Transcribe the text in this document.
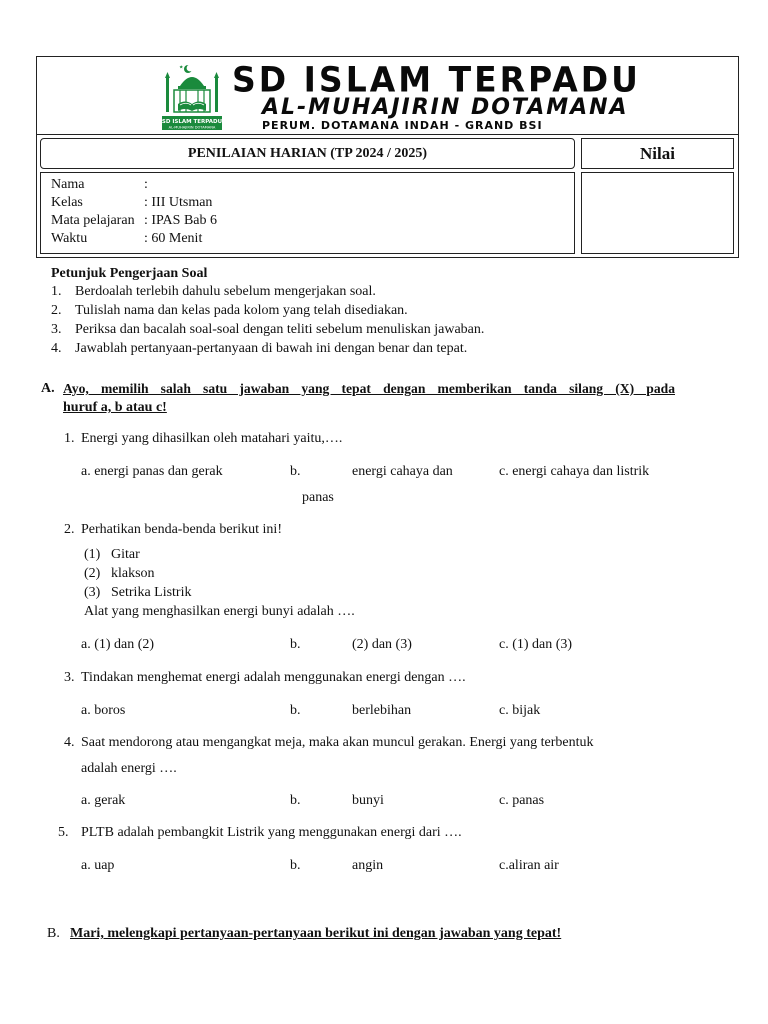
SD ISLAM TERPADU
AL-MUHAJIRIN DOTAMANA
SD ISLAM TERPADU
AL-MUHAJIRIN DOTAMANA
PERUM. DOTAMANA INDAH - GRAND BSI
PENILAIAN HARIAN (TP 2024 / 2025)	Nilai
Nama	:
Kelas	: III Utsman
Mata pelajaran : IPAS Bab 6
Waktu	: 60 Menit
Petunjuk Pengerjaan Soal
1. Berdoalah terlebih dahulu sebelum mengerjakan soal.
2. Tulislah nama dan kelas pada kolom yang telah disediakan.
3. Periksa dan bacalah soal-soal dengan teliti sebelum menuliskan jawaban.
4. Jawablah pertanyaan-pertanyaan di bawah ini dengan benar dan tepat.
A. Ayo, memilih salah satu jawaban yang tepat dengan memberikan tanda silang (X) pada
huruf a, b atau c!
1. Energi yang dihasilkan oleh matahari yaitu,….
a. energi panas dan gerak	b.	energi cahaya dan
panas
c. energi cahaya dan listrik
2. Perhatikan benda-benda berikut ini!
(1) Gitar
(2) klakson
(3) Setrika Listrik
Alat yang menghasilkan energi bunyi adalah ….
a. (1) dan (2)	b.	(2) dan (3)	c. (1) dan (3)
3. Tindakan menghemat energi adalah menggunakan energi dengan ….
a. boros	b.	berlebihan	c. bijak
4. Saat mendorong atau mengangkat meja, maka akan muncul gerakan. Energi yang terbentuk
adalah energi ….
a. gerak	b.	bunyi	c. panas
5. PLTB adalah pembangkit Listrik yang menggunakan energi dari ….
a. uap	b.	angin	c.aliran air
B. Mari, melengkapi pertanyaan-pertanyaan berikut ini dengan jawaban yang tepat!
